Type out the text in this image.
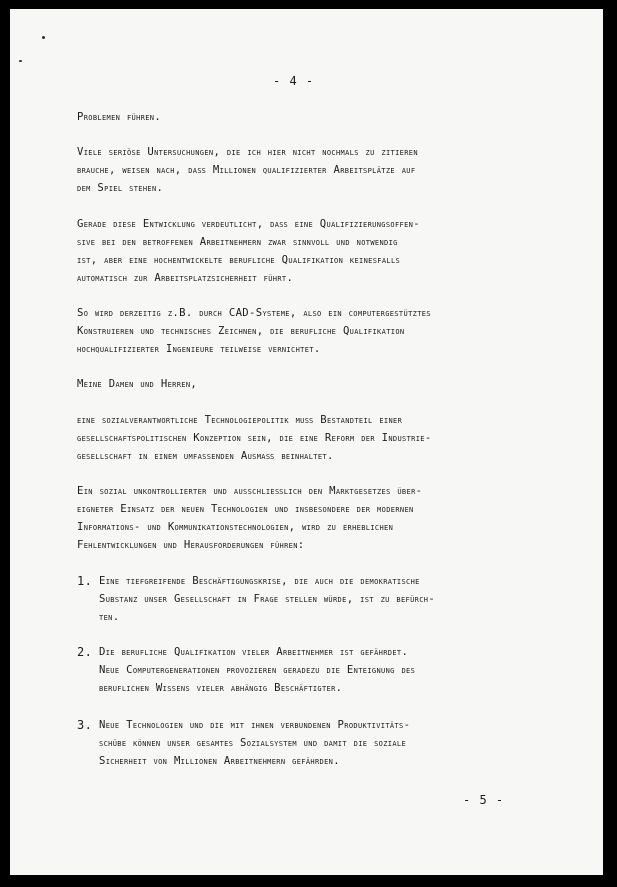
- 4 -
Problemen führen.
Viele seriöse Untersuchungen, die ich hier nicht nochmals zu zitieren
brauche, weisen nach, daß Millionen qualifizierter Arbeitsplätze auf
dem Spiel stehen.
Gerade diese Entwicklung verdeutlicht, daß eine Qualifizierungsoffen-
sive bei den betroffenen Arbeitnehmern zwar sinnvoll und notwendig
ist, aber eine hochentwickelte berufliche Qualifikation keinesfalls
automatisch zur Arbeitsplatzsicherheit führt.
So wird derzeitig z.B. durch CAD-Systeme, also ein computergestütztes
Konstruieren und technisches Zeichnen, die berufliche Qualifikation
hochqualifizierter Ingenieure teilweise vernichtet.
Meine Damen und Herren,
eine sozialverantwortliche Technologiepolitik muß Bestandteil einer
gesellschaftspolitischen Konzeption sein, die eine Reform der Industrie-
gesellschaft in einem umfassenden Ausmaß beinhaltet.
Ein sozial unkontrollierter und ausschließlich den Marktgesetzes über-
eigneter Einsatz der neuen Technologien und insbesondere der modernen
Informations- und Kommunikationstechnologien, wird zu erheblichen
Fehlentwicklungen und Herausforderungen führen:
1. Eine tiefgreifende Beschäftigungskrise, die auch die demokratische
Substanz unser Gesellschaft in Frage stellen würde, ist zu befürch-
ten.
2. Die berufliche Qualifikation vieler Arbeitnehmer ist gefährdet.
Neue Computergenerationen provozieren geradezu die Enteignung des
beruflichen Wissens vieler abhängig Beschäftigter.
3. Neue Technologien und die mit ihnen verbundenen Produktivitäts-
schübe können unser gesamtes Sozialsystem und damit die soziale
Sicherheit von Millionen Arbeitnehmern gefährden.
- 5 -
